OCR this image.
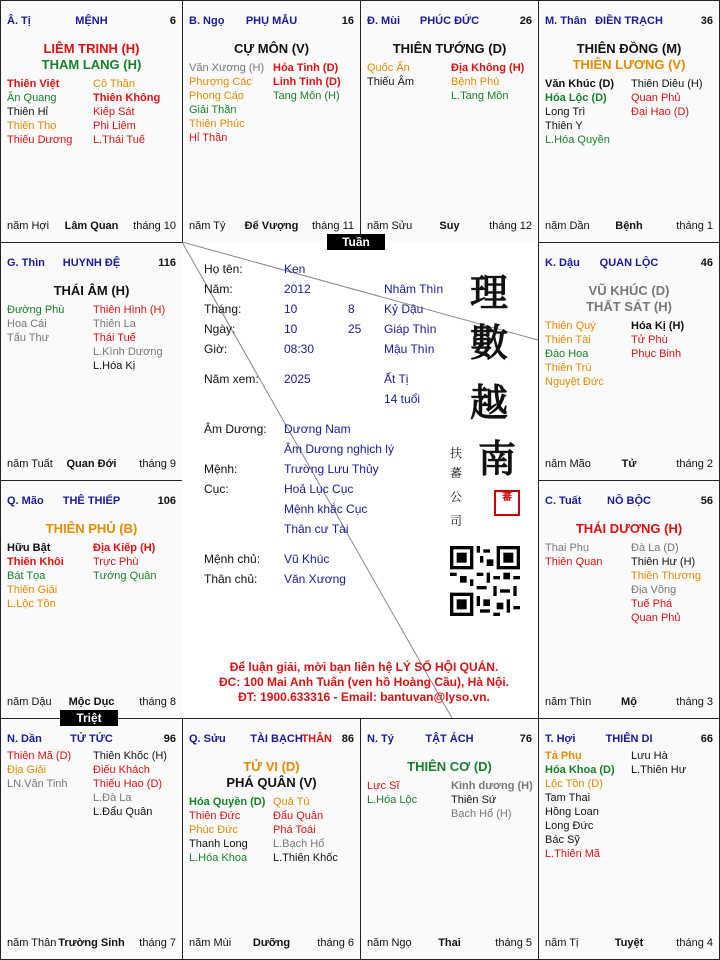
MỆNH
Â. Tị	6
LIÊM TRINH (H)
THAM LANG (H)
Thiên Việt
Ân Quang
Thiên Hỉ
Thiên Thọ
Thiếu Dương
Cô Thần
Thiên Không
Kiếp Sát
Phi Liêm
L.Thái Tuế
năm Hợi	Lâm Quan	tháng 10
PHỤ MẪU
B. Ngọ	16
CỰ MÔN (V)
Văn Xương (H)
Phượng Các
Phong Cáo
Giải Thần
Thiên Phúc
Hỉ Thần
Hỏa Tinh (D)
Linh Tinh (D)
Tang Môn (H)
năm Tý	Đế Vượng	tháng 11
PHÚC ĐỨC
Đ. Mùi	26
THIÊN TƯỚNG (D)
Quốc Ấn
Thiếu Âm
Địa Không (H)
Bệnh Phù
L.Tang Môn
năm Sửu	Suy	tháng 12
ĐIỀN TRẠCH
M. Thân	36
THIÊN ĐỒNG (M)
THIÊN LƯƠNG (V)
Văn Khúc (D)
Hóa Lộc (D)
Long Trì
Thiên Y
L.Hóa Quyền
Thiên Diêu (H)
Quan Phủ
Đại Hao (D)
năm Dần	Bệnh	tháng 1
HUYNH ĐỆ
G. Thìn	116
THÁI ÂM (H)
Đường Phù
Hoa Cái
Tấu Thư
Thiên Hình (H)
Thiên La
Thái Tuế
L.Kình Dương
L.Hóa Kị
năm Tuất	Quan Đới	tháng 9
QUAN LỘC
K. Dậu	46
VŨ KHÚC (D)
THẤT SÁT (H)
Thiên Quý
Thiên Tài
Đào Hoa
Thiên Trù
Nguyệt Đức
Hóa Kị (H)
Tử Phù
Phục Binh
năm Mão	Tử	tháng 2
THÊ THIẾP
Q. Mão	106
THIÊN PHỦ (B)
Hữu Bật
Thiên Khôi
Bát Tọa
Thiên Giải
L.Lộc Tồn
Địa Kiếp (H)
Trực Phù
Tướng Quân
năm Dậu	Mộc Dục	tháng 8
NÔ BỘC
C. Tuất	56
THÁI DƯƠNG (H)
Thai Phụ
Thiên Quan
Đà La (D)
Thiên Hư (H)
Thiên Thương
Địa Võng
Tuế Phá
Quan Phủ
năm Thìn	Mộ	tháng 3
TỬ TỨC
N. Dần	96
Thiên Mã (D)
Địa Giải
LN.Văn Tinh
Thiên Khốc (H)
Điếu Khách
Thiếu Hao (D)
L.Đà La
L.Đẩu Quân
năm Thân Trường Sinh	tháng 7
TÀI BẠCH
Q. Sửu	86
THÂN
TỬ VI (D)
PHÁ QUÂN (V)
Hóa Quyền (D)
Thiên Đức
Phúc Đức
Thanh Long
L.Hóa Khoa
Quả Tú
Đẩu Quân
Phá Toái
L.Bạch Hổ
L.Thiên Khốc
năm Mùi	Dưỡng	tháng 6
TẬT ÁCH
N. Tý	76
THIÊN CƠ (D)
Lực Sĩ
L.Hóa Lộc
Kình dương (H)
Thiên Sứ
Bạch Hổ (H)
năm Ngọ	Thai	tháng 5
THIÊN DI
T. Hợi	66
Tả Phụ
Hóa Khoa (D)
Lộc Tồn (D)
Tam Thai
Hồng Loan
Long Đức
Bác Sỹ
L.Thiên Mã
Lưu Hà
L.Thiên Hư
năm Tị	Tuyệt	tháng 4
Họ tên:	Ken
Năm:	2012	Nhâm Thìn
Tháng:	10	8 Kỷ Dậu
Ngày:	10	25 Giáp Thìn
Giờ:	08:30	Mậu Thìn
Năm xem: 2025	Ất Tị
14 tuổi
Âm Dương: Dương Nam
Âm Dương nghịch lý
Mệnh:	Trường Lưu Thủy
Cục:	Hoả Lục Cục
Mệnh khắc Cục
Thân cư Tài
Mệnh chủ: Vũ Khúc
Thân chủ: Văn Xương
理
數
越
南
扶
蕃
公
司
蕃
Để luận giải, mời bạn liên hệ LÝ SỐ HỘI QUÁN.
ĐC: 100 Mai Anh Tuấn (ven hồ Hoàng Cầu), Hà Nội.
ĐT: 1900.633316 - Email: bantuvan@lyso.vn.
Tuần
Triệt
